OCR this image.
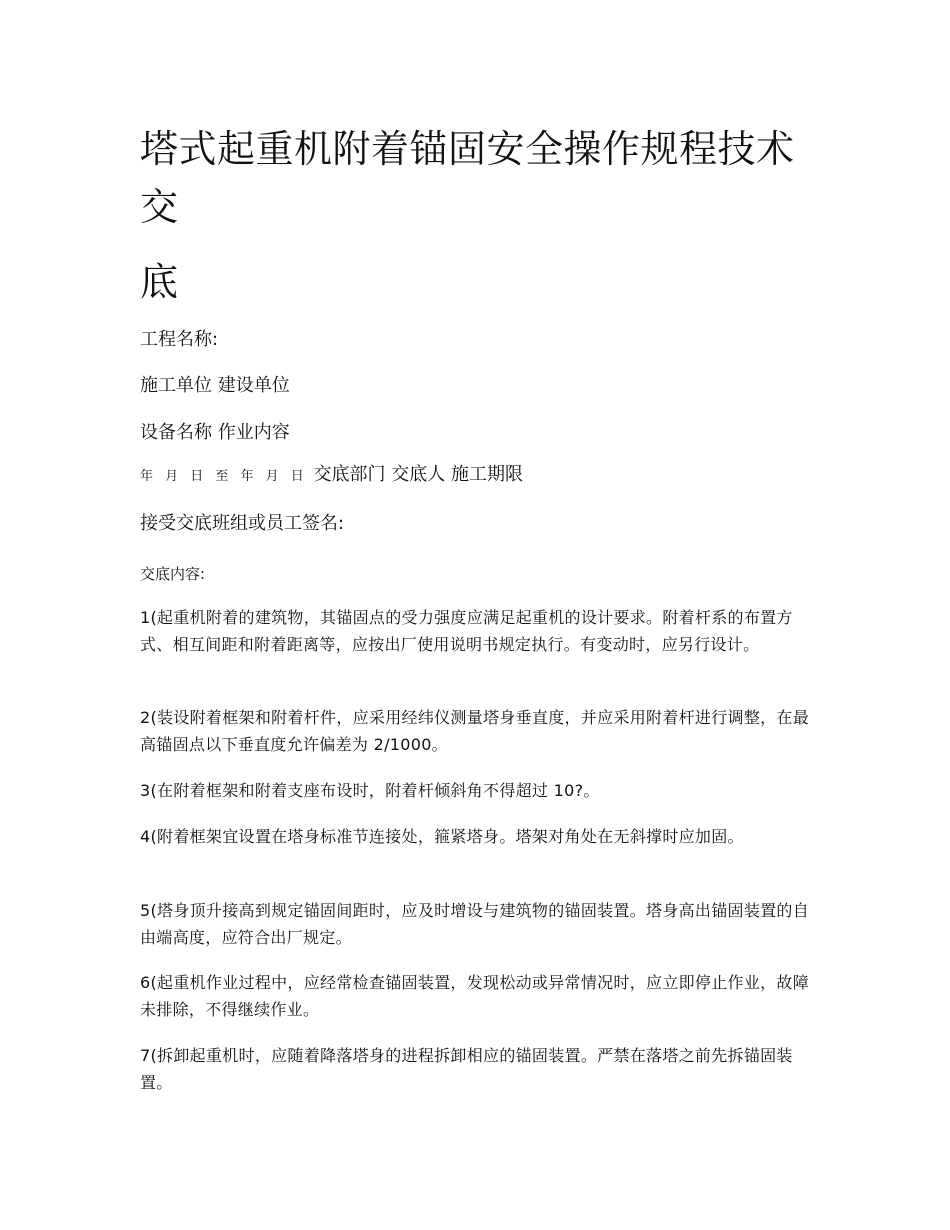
塔式起重机附着锚固安全操作规程技术
交
底
工程名称:
施工单位 建设单位
设备名称 作业内容
年 月 日 至 年 月 日 交底部门 交底人 施工期限
接受交底班组或员工签名:
交底内容:
1(起重机附着的建筑物，其锚固点的受力强度应满足起重机的设计要求。附着杆系的布置方式、相互间距和附着距离等，应按出厂使用说明书规定执行。有变动时，应另行设计。
2(装设附着框架和附着杆件，应采用经纬仪测量塔身垂直度，并应采用附着杆进行调整，在最高锚固点以下垂直度允许偏差为 2/1000。
3(在附着框架和附着支座布设时，附着杆倾斜角不得超过 10?。
4(附着框架宜设置在塔身标准节连接处，箍紧塔身。塔架对角处在无斜撑时应加固。
5(塔身顶升接高到规定锚固间距时，应及时增设与建筑物的锚固装置。塔身高出锚固装置的自由端高度，应符合出厂规定。
6(起重机作业过程中，应经常检查锚固装置，发现松动或异常情况时，应立即停止作业，故障未排除，不得继续作业。
7(拆卸起重机时，应随着降落塔身的进程拆卸相应的锚固装置。严禁在落塔之前先拆锚固装置。
